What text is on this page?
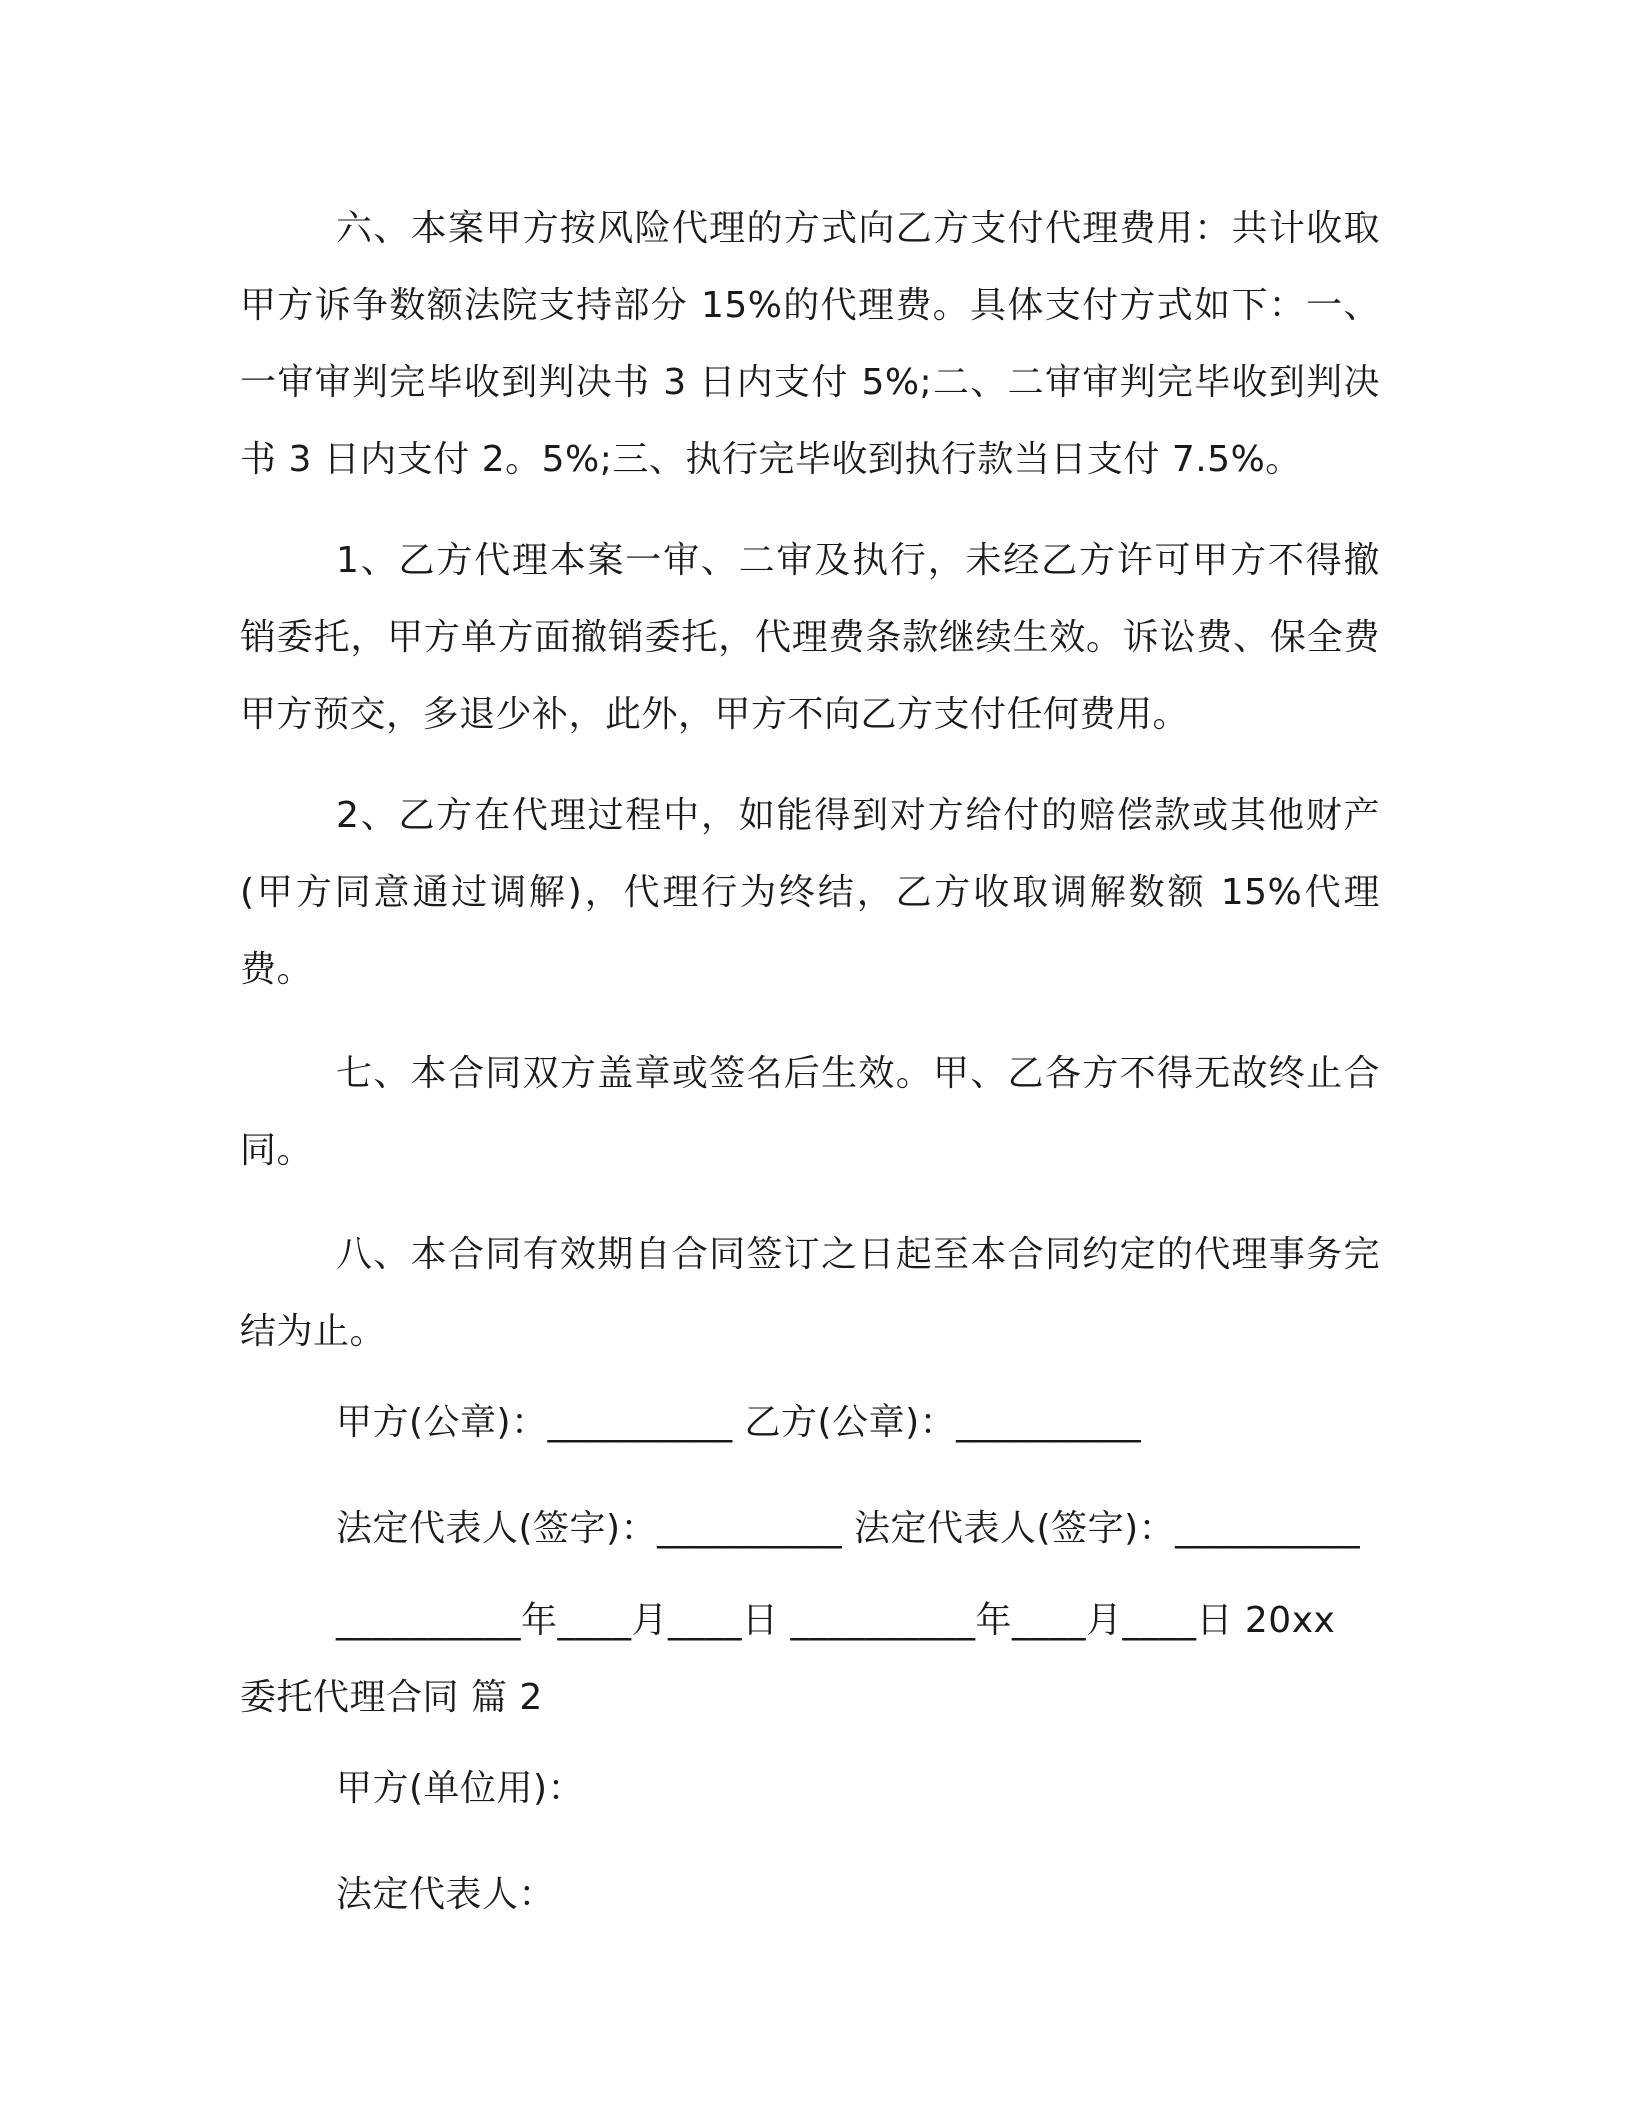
六、本案甲方按风险代理的方式向乙方支付代理费用：共计收取甲方诉争数额法院支持部分 15%的代理费。具体支付方式如下：一、一审审判完毕收到判决书 3 日内支付 5%;二、二审审判完毕收到判决书 3 日内支付 2。5%;三、执行完毕收到执行款当日支付 7.5%。

1、乙方代理本案一审、二审及执行，未经乙方许可甲方不得撤销委托，甲方单方面撤销委托，代理费条款继续生效。诉讼费、保全费甲方预交，多退少补，此外，甲方不向乙方支付任何费用。

2、乙方在代理过程中，如能得到对方给付的赔偿款或其他财产(甲方同意通过调解)，代理行为终结，乙方收取调解数额 15%代理费。

七、本合同双方盖章或签名后生效。甲、乙各方不得无故终止合同。

八、本合同有效期自合同签订之日起至本合同约定的代理事务完结为止。

甲方(公章)：__________ 乙方(公章)：__________

法定代表人(签字)：__________ 法定代表人(签字)：__________

__________年____月____日 __________年____月____日 20xx

委托代理合同 篇 2

甲方(单位用)：

法定代表人：
